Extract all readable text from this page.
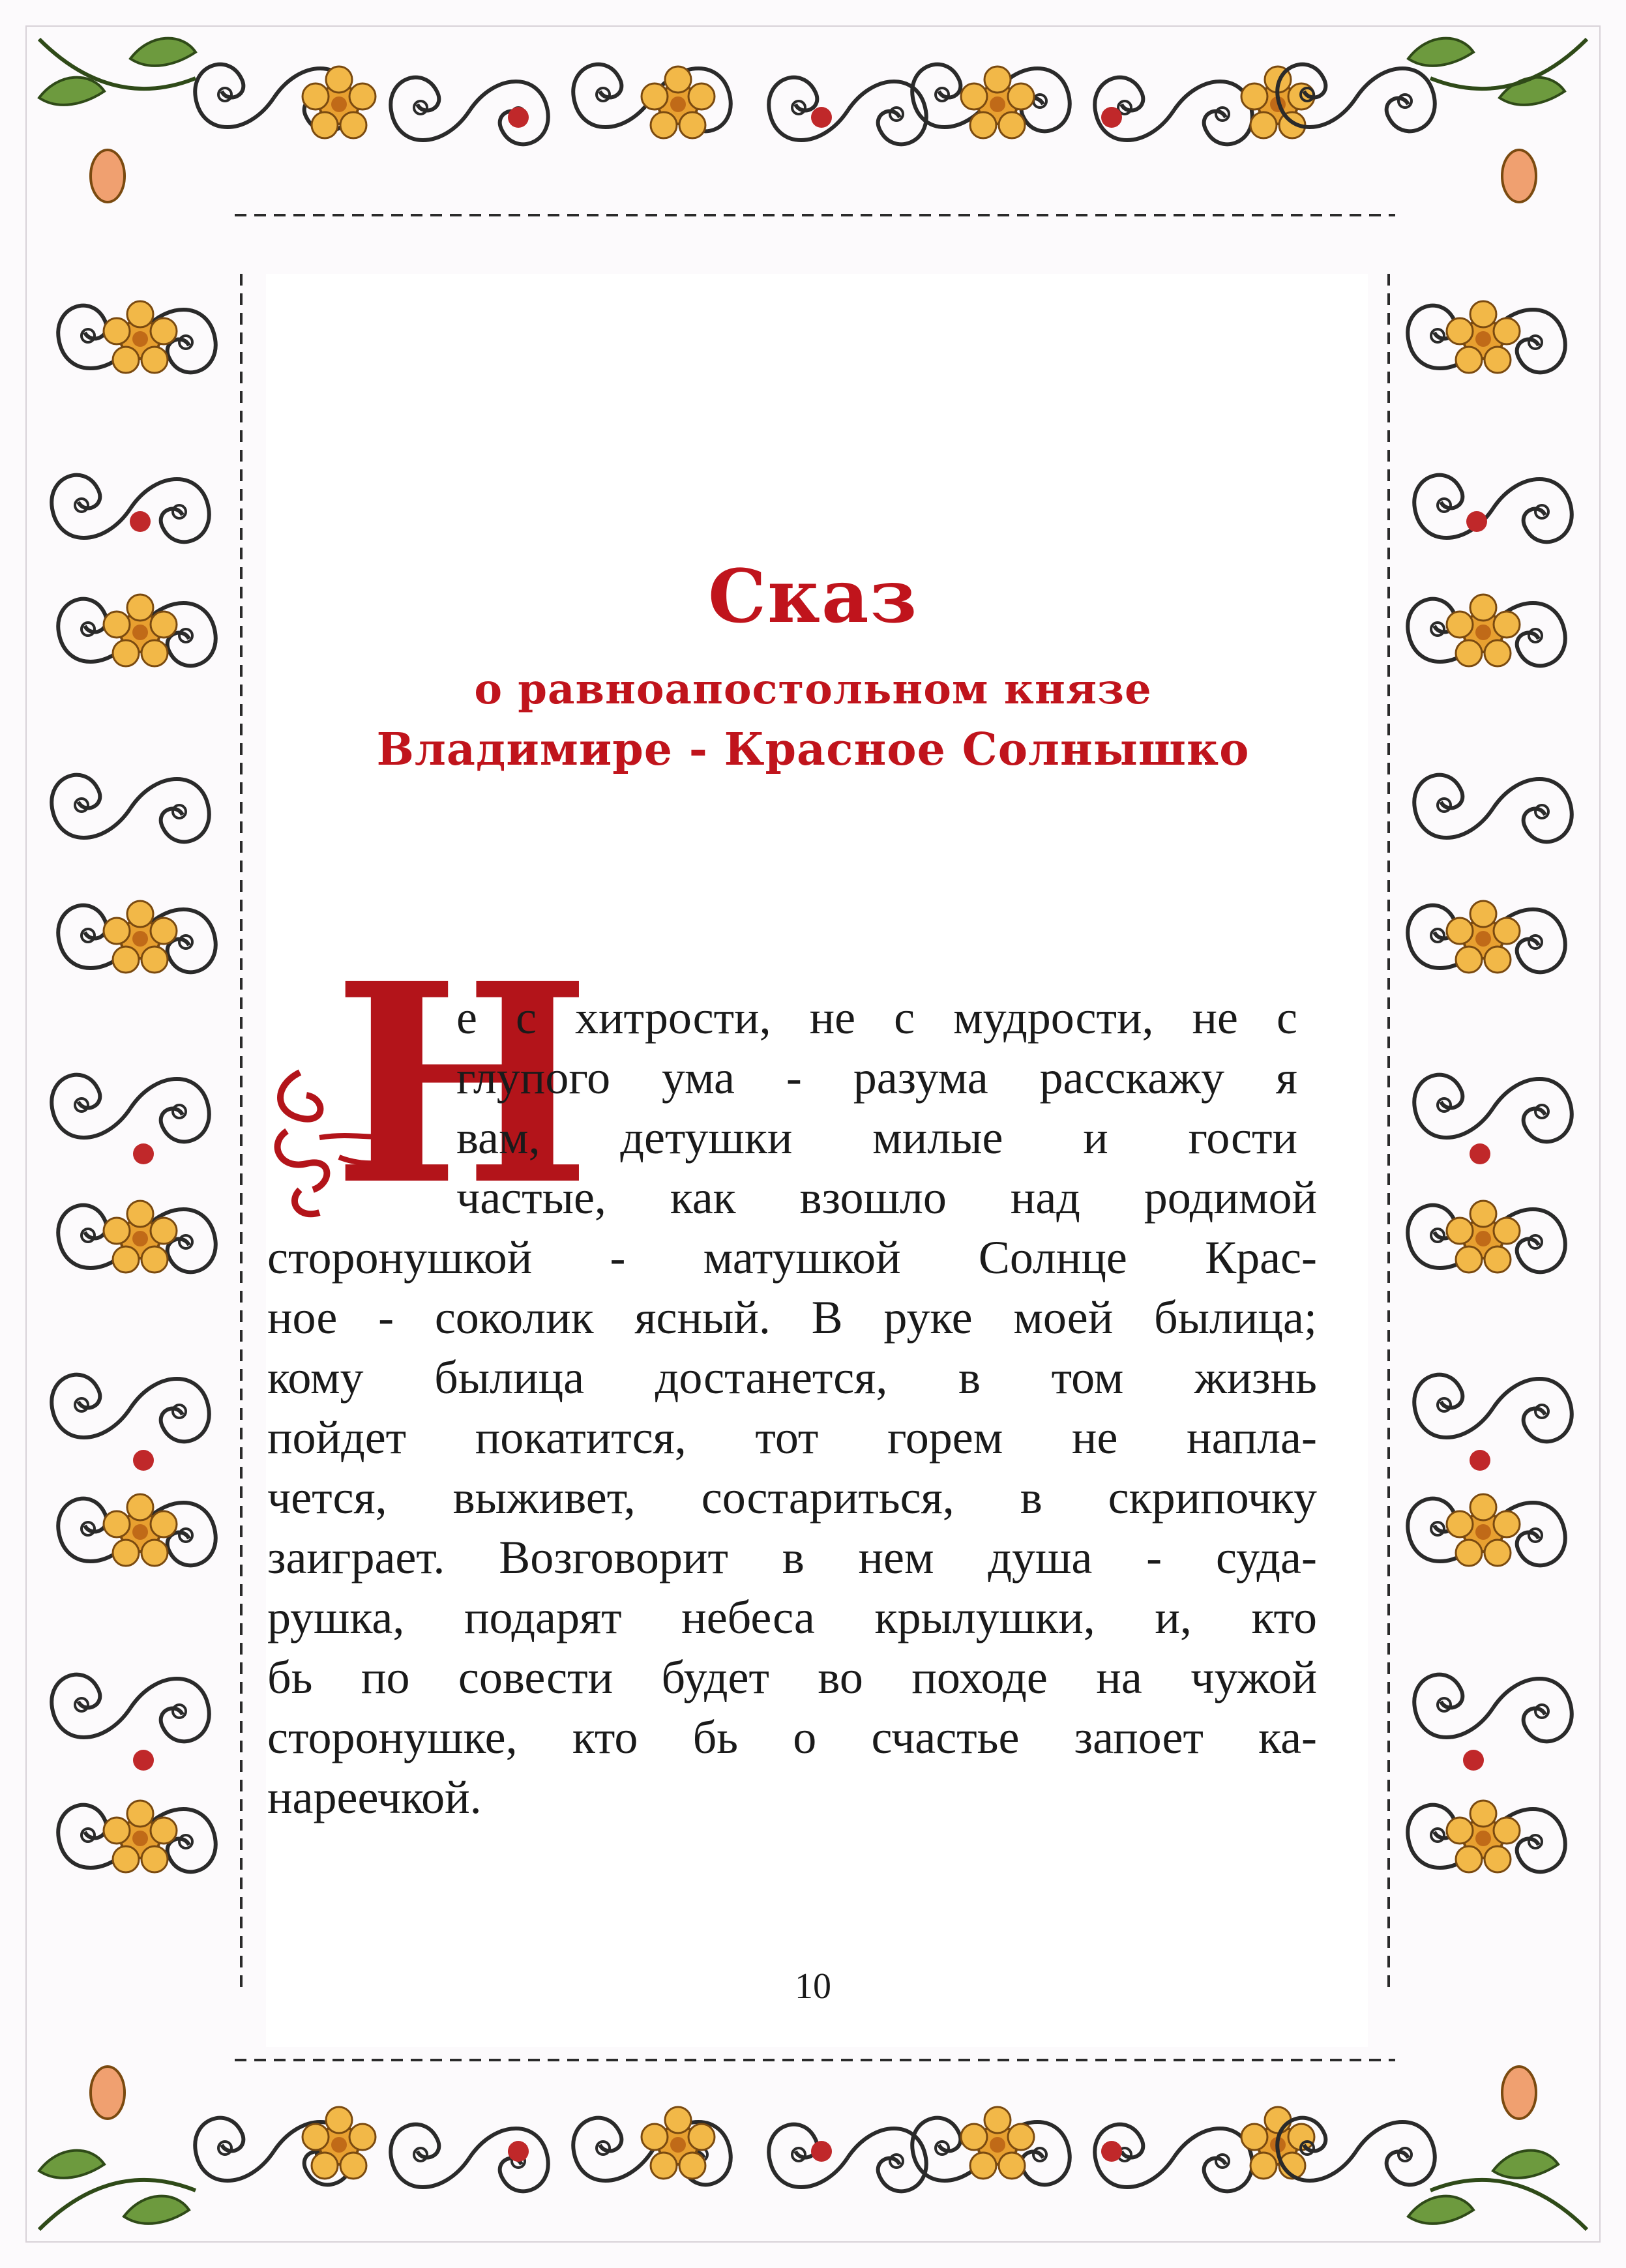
Сказ
о равноапостольном князе
Владимире - Красное Солнышко
Н
е с хитрости, не с мудрости, не с
глупого ума - разума расскажу я
вам, детушки милые и гости
частые, как взошло над родимой
сторонушкой - матушкой Солнце Крас-
ное - соколик ясный. В руке моей былица;
кому былица достанется, в том жизнь
пойдет покатится, тот горем не напла-
чется, выживет, состариться, в скрипочку
заиграет. Возговорит в нем душа - суда-
рушка, подарят небеса крылушки, и, кто
бь по совести будет во походе на чужой
сторонушке, кто бь о счастье запоет ка-
нареечкой.
10
